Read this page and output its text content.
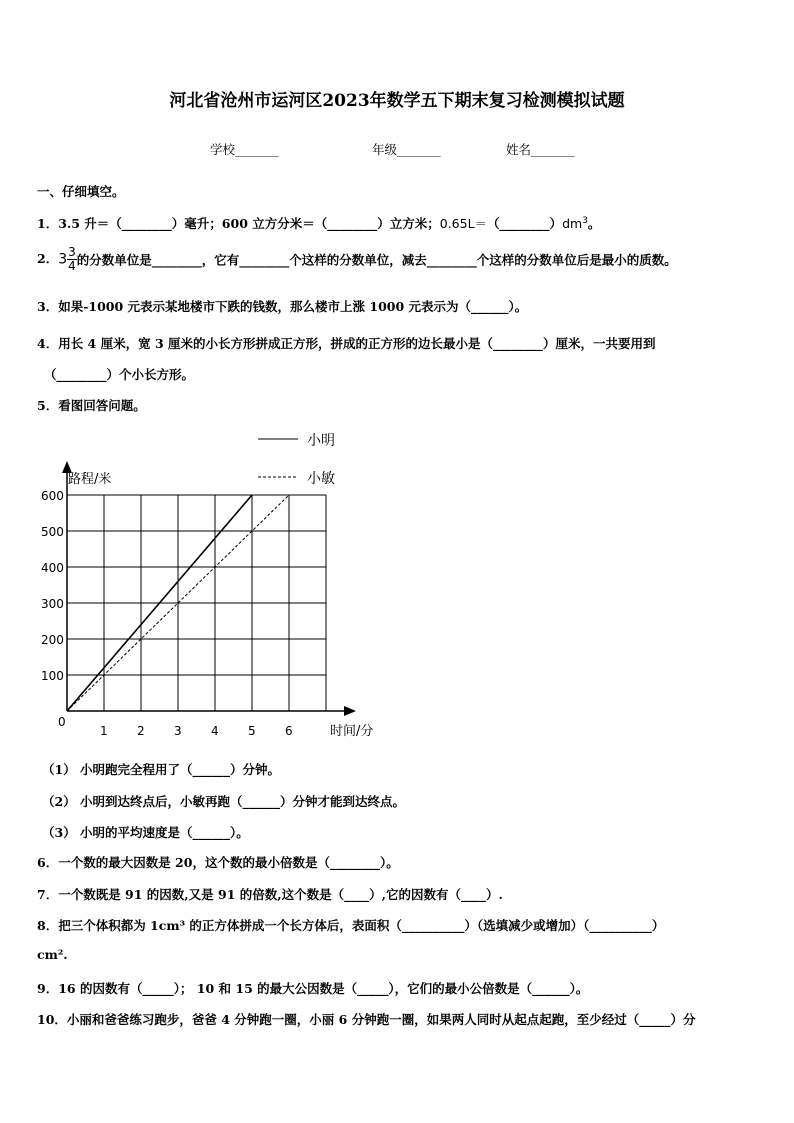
河北省沧州市运河区2023年数学五下期末复习检测模拟试题
学校_______	年级_______	姓名_______
一、仔细填空。
1．3.5 升＝（________）毫升；600 立方分米＝（________）立方米；$0.65L=(\_\_\_\_\_\_\_\_)dm^3$。
2．$3 \frac{3}{4}$ 的分数单位是________，它有________个这样的分数单位，减去________个这样的分数单位后是最小的质数。
3．如果-1000 元表示某地楼市下跌的钱数，那么楼市上涨 1000 元表示为（______）。
4．用长 4 厘米，宽 3 厘米的小长方形拼成正方形，拼成的正方形的边长最小是（________）厘米，一共要用到
（________）个小长方形。
5．看图回答问题。
1 2 3 4 5 6
100
200
300
400
500
600
小明
小敏
路程/米
时间/分
0
（1） 小明跑完全程用了（______）分钟。
（2） 小明到达终点后，小敏再跑（______）分钟才能到达终点。
（3） 小明的平均速度是（______）。
6．一个数的最大因数是 20，这个数的最小倍数是（________）。
7．一个数既是 91 的因数,又是 91 的倍数,这个数是（____）,它的因数有（____）.
8．把三个体积都为 1cm³ 的正方体拼成一个长方体后，表面积（__________）（选填减少或增加）（__________）
cm².
9．16 的因数有（_____）； 10 和 15 的最大公因数是（_____），它们的最小公倍数是（______）。
10．小丽和爸爸练习跑步，爸爸 4 分钟跑一圈，小丽 6 分钟跑一圈，如果两人同时从起点起跑，至少经过（_____）分
